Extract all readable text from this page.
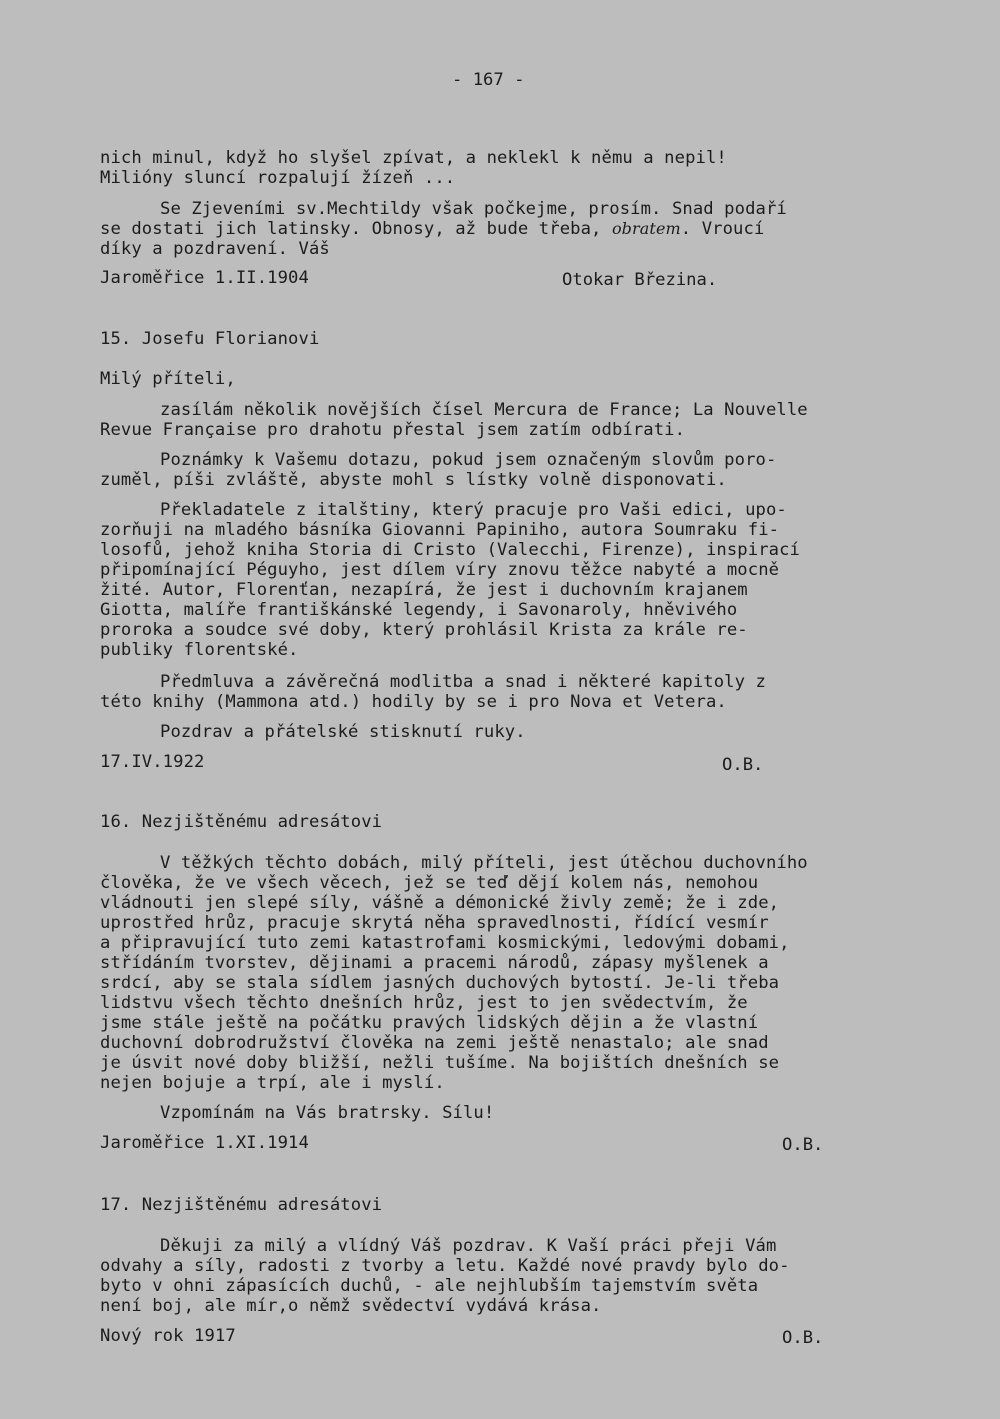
- 167 -
nich minul, když ho slyšel zpívat, a neklekl k němu a nepil!
Milióny sluncí rozpalují žízeň ...
Se Zjeveními sv.Mechtildy však počkejme, prosím. Snad podaří
se dostati jich latinsky. Obnosy, až bude třeba, obratem. Vroucí
díky a pozdravení. Váš
Jaroměřice 1.II.1904	Otokar Březina.
15. Josefu Florianovi
Milý příteli,
zasílám několik novějších čísel Mercura de France; La Nouvelle
Revue Française pro drahotu přestal jsem zatím odbírati.
Poznámky k Vašemu dotazu, pokud jsem označeným slovům poro-
zuměl, píši zvláště, abyste mohl s lístky volně disponovati.
Překladatele z italštiny, který pracuje pro Vaši edici, upo-
zorňuji na mladého básníka Giovanni Papiniho, autora Soumraku fi-
losofů, jehož kniha Storia di Cristo (Valecchi, Firenze), inspirací
připomínající Péguyho, jest dílem víry znovu těžce nabyté a mocně
žité. Autor, Florenťan, nezapírá, že jest i duchovním krajanem
Giotta, malíře františkánské legendy, i Savonaroly, hněvivého
proroka a soudce své doby, který prohlásil Krista za krále re-
publiky florentské.
Předmluva a závěrečná modlitba a snad i některé kapitoly z
této knihy (Mammona atd.) hodily by se i pro Nova et Vetera.
Pozdrav a přátelské stisknutí ruky.
17.IV.1922	O.B.
16. Nezjištěnému adresátovi
V těžkých těchto dobách, milý příteli, jest útěchou duchovního
člověka, že ve všech věcech, jež se teď dějí kolem nás, nemohou
vládnouti jen slepé síly, vášně a démonické živly země; že i zde,
uprostřed hrůz, pracuje skrytá něha spravedlnosti, řídící vesmír
a připravující tuto zemi katastrofami kosmickými, ledovými dobami,
střídáním tvorstev, dějinami a pracemi národů, zápasy myšlenek a
srdcí, aby se stala sídlem jasných duchových bytostí. Je-li třeba
lidstvu všech těchto dnešních hrůz, jest to jen svědectvím, že
jsme stále ještě na počátku pravých lidských dějin a že vlastní
duchovní dobrodružství člověka na zemi ještě nenastalo; ale snad
je úsvit nové doby bližší, nežli tušíme. Na bojištích dnešních se
nejen bojuje a trpí, ale i myslí.
Vzpomínám na Vás bratrsky. Sílu!
Jaroměřice 1.XI.1914	O.B.
17. Nezjištěnému adresátovi
Děkuji za milý a vlídný Váš pozdrav. K Vaší práci přeji Vám
odvahy a síly, radosti z tvorby a letu. Každé nové pravdy bylo do-
byto v ohni zápasících duchů, - ale nejhlubším tajemstvím světa
není boj, ale mír,o němž svědectví vydává krása.
Nový rok 1917	O.B.
